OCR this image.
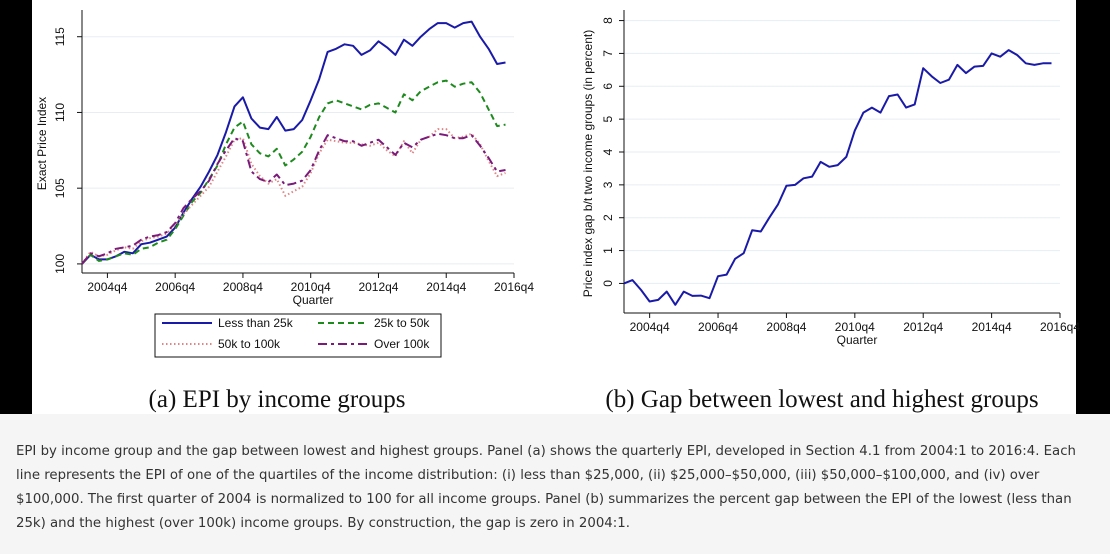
100
105
110
115
2004q4 2006q4 2008q4 2010q4 2012q4 2014q4 2016q4
Quarter
Exact Price Index
(a) EPI by income groups
0
1
2
3
4
5
6
7
8
2004q4 2006q4 2008q4 2010q4 2012q4 2014q4 2016q4
Quarter
Price index gap b/t two income groups (in percent)
(b) Gap between lowest and highest groups
Less than 25k	25k to 50k
50k to 100k	Over 100k
EPI by income group and the gap between lowest and highest groups. Panel (a) shows the quarterly EPI, developed in Section 4.1 from 2004:1 to 2016:4. Each line represents the EPI of one of the quartiles of the income distribution: (i) less than $25,000, (ii) $25,000–$50,000, (iii) $50,000–$100,000, and (iv) over $100,000. The first quarter of 2004 is normalized to 100 for all income groups. Panel (b) summarizes the percent gap between the EPI of the lowest (less than 25k) and the highest (over 100k) income groups. By construction, the gap is zero in 2004:1.
